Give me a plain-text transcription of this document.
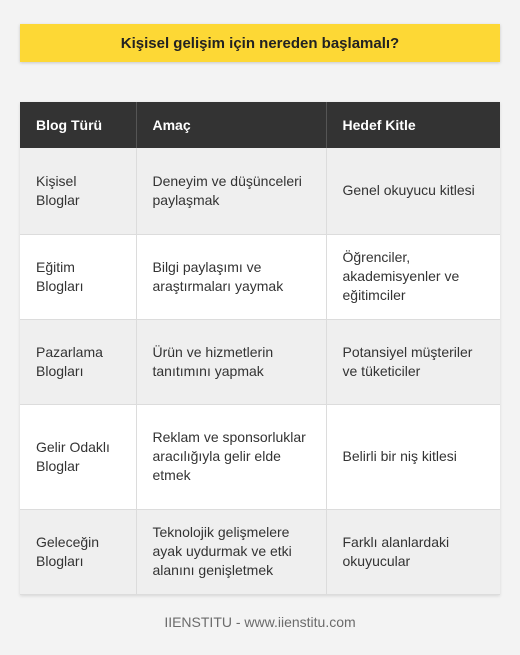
Kişisel gelişim için nereden başlamalı?
Blog Türü	Amaç	Hedef Kitle
Kişisel Bloglar	Deneyim ve düşünceleri paylaşmak	Genel okuyucu kitlesi
Eğitim Blogları	Bilgi paylaşımı ve araştırmaları yaymak	Öğrenciler, akademisyenler ve eğitimciler
Pazarlama Blogları	Ürün ve hizmetlerin tanıtımını yapmak	Potansiyel müşteriler ve tüketiciler
Gelir Odaklı Bloglar	Reklam ve sponsorluklar aracılığıyla gelir elde etmek	Belirli bir niş kitlesi
Geleceğin Blogları	Teknolojik gelişmelere ayak uydurmak ve etki alanını genişletmek	Farklı alanlardaki okuyucular
IIENSTITU - www.iienstitu.com
